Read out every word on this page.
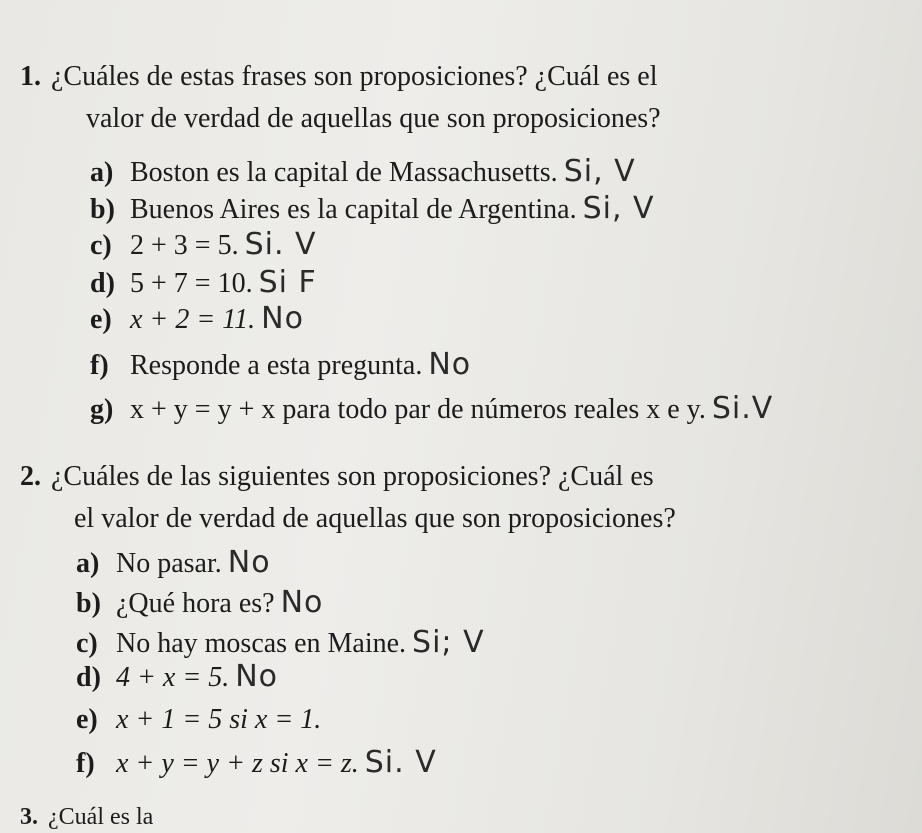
1. ¿Cuáles de estas frases son proposiciones? ¿Cuál es el
valor de verdad de aquellas que son proposiciones?
a) Boston es la capital de Massachusetts. Si, V
b) Buenos Aires es la capital de Argentina. Si, V
c) 2 + 3 = 5. Si. V
d) 5 + 7 = 10. Si F
e) x + 2 = 11. No
f) Responde a esta pregunta. No
g) x + y = y + x para todo par de números reales x e y. Si.V
2. ¿Cuáles de las siguientes son proposiciones? ¿Cuál es
el valor de verdad de aquellas que son proposiciones?
a) No pasar. No
b) ¿Qué hora es? No
c) No hay moscas en Maine. Si; V
d) 4 + x = 5. No
e) x + 1 = 5 si x = 1.
f) x + y = y + z si x = z. Si. V
3. ¿Cuál es la
